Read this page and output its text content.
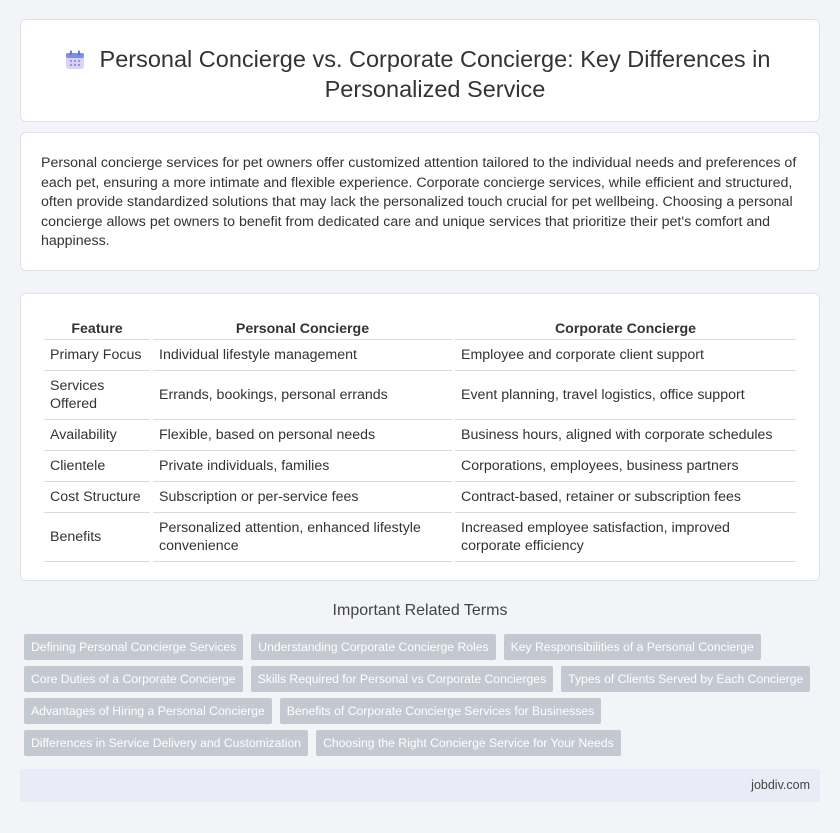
Personal Concierge vs. Corporate Concierge: Key Differences in Personalized Service

Personal concierge services for pet owners offer customized attention tailored to the individual needs and preferences of each pet, ensuring a more intimate and flexible experience. Corporate concierge services, while efficient and structured, often provide standardized solutions that may lack the personalized touch crucial for pet wellbeing. Choosing a personal concierge allows pet owners to benefit from dedicated care and unique services that prioritize their pet's comfort and happiness.

Feature	Personal Concierge	Corporate Concierge
Primary Focus	Individual lifestyle management	Employee and corporate client support
Services Offered	Errands, bookings, personal errands	Event planning, travel logistics, office support
Availability	Flexible, based on personal needs	Business hours, aligned with corporate schedules
Clientele	Private individuals, families	Corporations, employees, business partners
Cost Structure	Subscription or per-service fees	Contract-based, retainer or subscription fees
Benefits	Personalized attention, enhanced lifestyle convenience	Increased employee satisfaction, improved corporate efficiency
Important Related Terms
Defining Personal Concierge Services	Understanding Corporate Concierge Roles	Key Responsibilities of a Personal Concierge
Core Duties of a Corporate Concierge	Skills Required for Personal vs Corporate Concierges	Types of Clients Served by Each Concierge
Advantages of Hiring a Personal Concierge	Benefits of Corporate Concierge Services for Businesses
Differences in Service Delivery and Customization	Choosing the Right Concierge Service for Your Needs
jobdiv.com
